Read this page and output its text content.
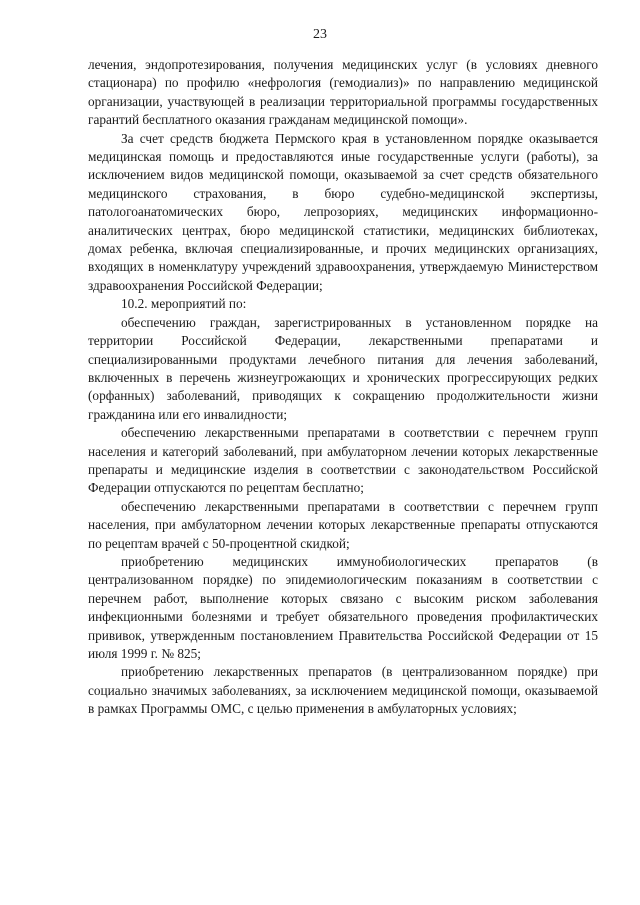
23

лечения, эндопротезирования, получения медицинских услуг (в условиях дневного стационара) по профилю «нефрология (гемодиализ)» по направлению медицинской организации, участвующей в реализации территориальной программы государственных гарантий бесплатного оказания гражданам медицинской помощи».

За счет средств бюджета Пермского края в установленном порядке оказывается медицинская помощь и предоставляются иные государственные услуги (работы), за исключением видов медицинской помощи, оказываемой за счет средств обязательного медицинского страхования, в бюро судебно-медицинской экспертизы, патологоанатомических бюро, лепрозориях, медицинских информационно-аналитических центрах, бюро медицинской статистики, медицинских библиотеках, домах ребенка, включая специализированные, и прочих медицинских организациях, входящих в номенклатуру учреждений здравоохранения, утверждаемую Министерством здравоохранения Российской Федерации;

10.2. мероприятий по:

обеспечению граждан, зарегистрированных в установленном порядке на территории Российской Федерации, лекарственными препаратами и специализированными продуктами лечебного питания для лечения заболеваний, включенных в перечень жизнеугрожающих и хронических прогрессирующих редких (орфанных) заболеваний, приводящих к сокращению продолжительности жизни гражданина или его инвалидности;

обеспечению лекарственными препаратами в соответствии с перечнем групп населения и категорий заболеваний, при амбулаторном лечении которых лекарственные препараты и медицинские изделия в соответствии с законодательством Российской Федерации отпускаются по рецептам бесплатно;

обеспечению лекарственными препаратами в соответствии с перечнем групп населения, при амбулаторном лечении которых лекарственные препараты отпускаются по рецептам врачей с 50-процентной скидкой;

приобретению медицинских иммунобиологических препаратов (в централизованном порядке) по эпидемиологическим показаниям в соответствии с перечнем работ, выполнение которых связано с высоким риском заболевания инфекционными болезнями и требует обязательного проведения профилактических прививок, утвержденным постановлением Правительства Российской Федерации от 15 июля 1999 г. № 825;

приобретению лекарственных препаратов (в централизованном порядке) при социально значимых заболеваниях, за исключением медицинской помощи, оказываемой в рамках Программы ОМС, с целью применения в амбулаторных условиях;
